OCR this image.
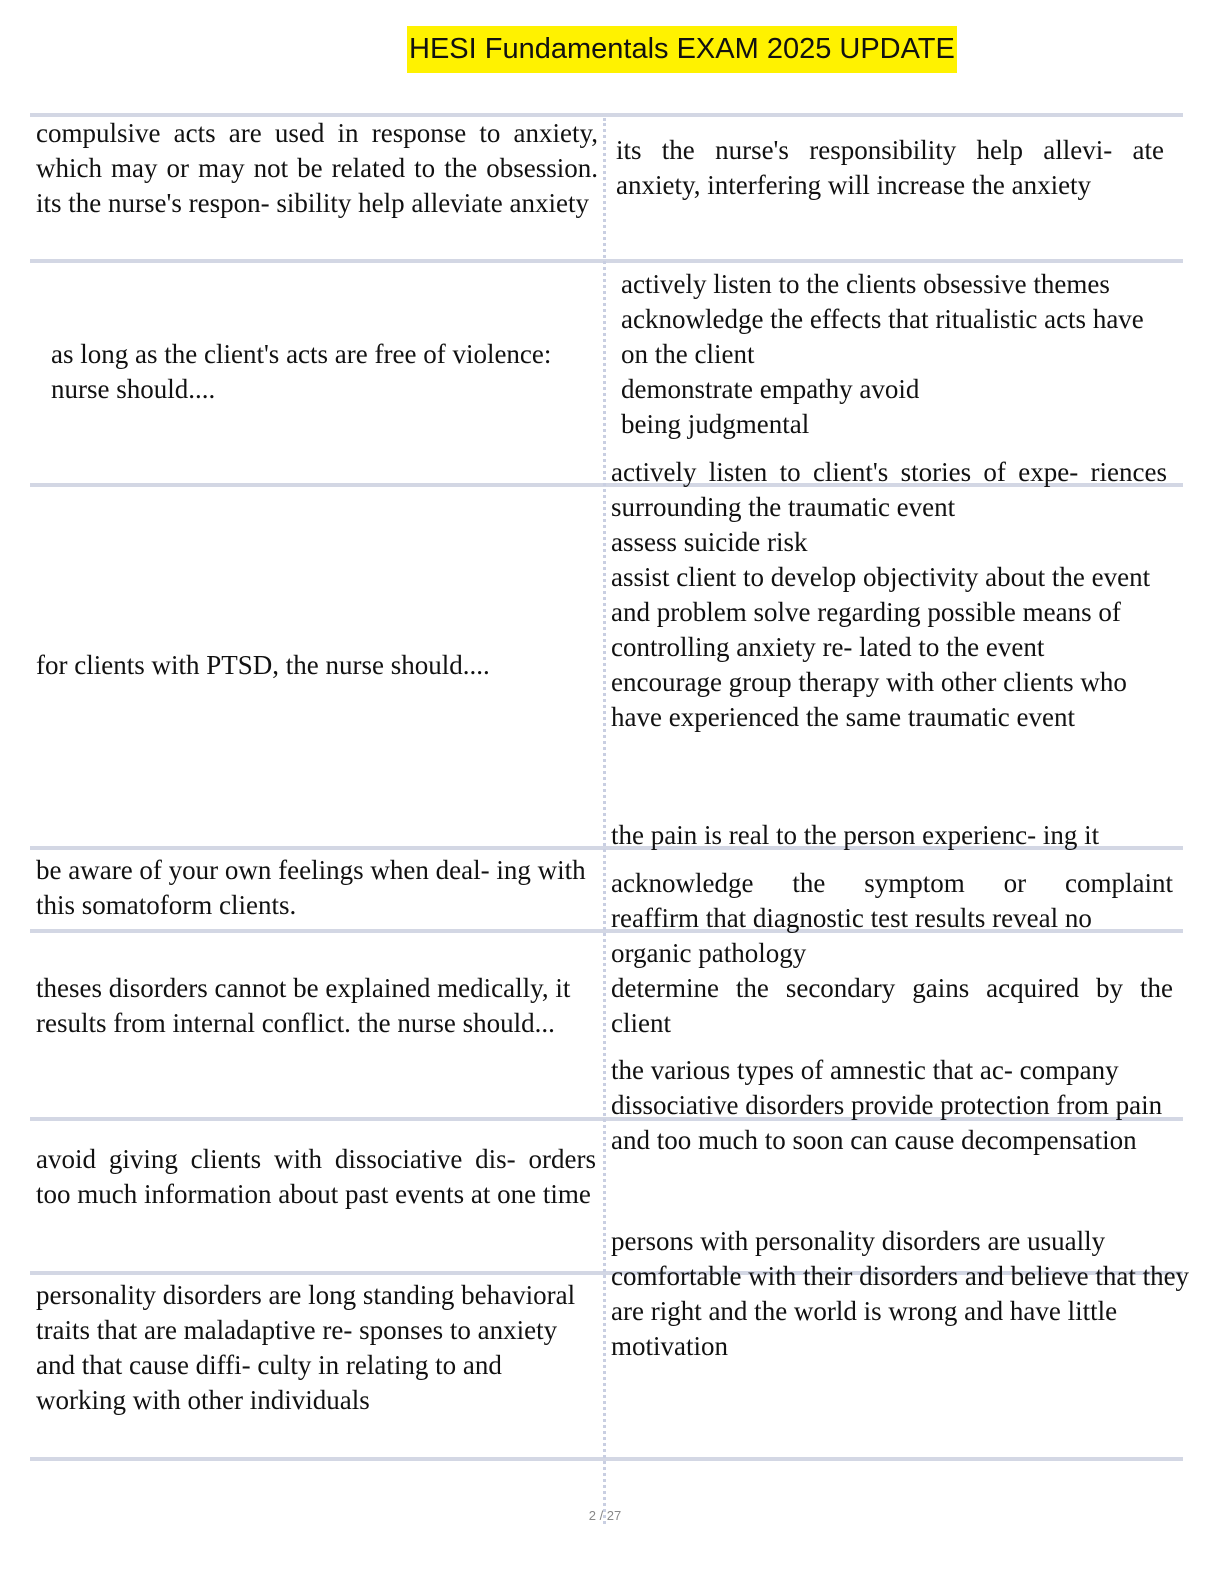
HESI Fundamentals EXAM 2025 UPDATE

compulsive acts are used in response to anxiety, which may or may not be related to the obsession. its the nurse's respon- sibility help alleviate anxiety

as long as the client's acts are free of violence: nurse should....

for clients with PTSD, the nurse should....

be aware of your own feelings when deal- ing with this somatoform clients.

theses disorders cannot be explained medically, it results from internal conflict. the nurse should...

avoid giving clients with dissociative dis- orders too much information about past events at one time

personality disorders are long standing behavioral traits that are maladaptive re- sponses to anxiety and that cause diffi- culty in relating to and working with other individuals

its the nurse's responsibility help allevi- ate anxiety, interfering will increase the anxiety

actively listen to the clients obsessive themes

acknowledge the effects that ritualistic acts have on the client

demonstrate empathy avoid being judgmental

actively listen to client's stories of expe- riences surrounding the traumatic event

assess suicide risk

assist client to develop objectivity about the event and problem solve regarding possible means of controlling anxiety re- lated to the event

encourage group therapy with other clients who have experienced the same traumatic event

the pain is real to the person experienc- ing it

acknowledge the symptom or complaint

reaffirm that diagnostic test results reveal no organic pathology

determine the secondary gains acquired by the client

the various types of amnestic that ac- company dissociative disorders provide protection from pain and too much to soon can cause decompensation

persons with personality disorders are usually comfortable with their disorders and believe that they are right and the world is wrong and have little motivation

2 / 27
